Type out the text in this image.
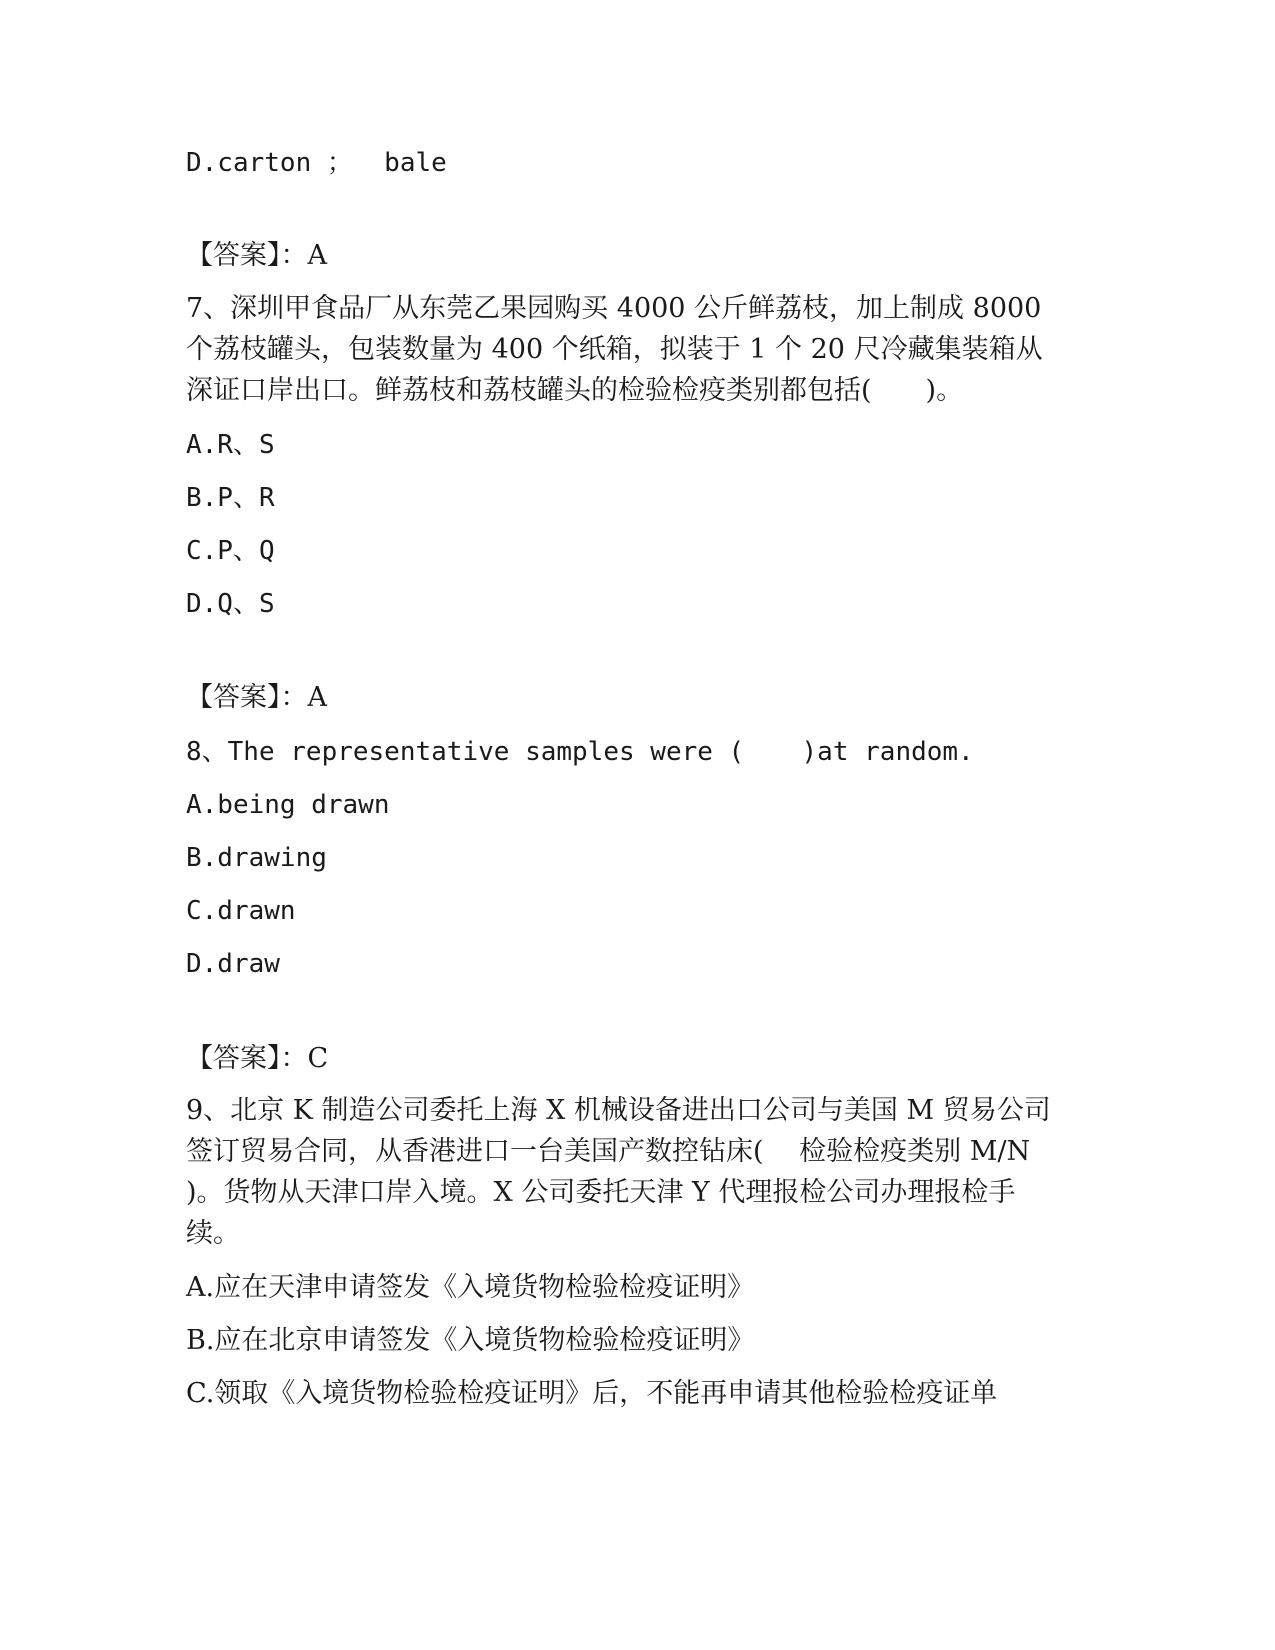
D.carton ；  bale
【答案】：A
7、深圳甲食品厂从东莞乙果园购买 4000 公斤鲜荔枝，加上制成 8000
个荔枝罐头，包装数量为 400 个纸箱，拟装于 1 个 20 尺冷藏集装箱从
深证口岸出口。鲜荔枝和荔枝罐头的检验检疫类别都包括(　　)。
A.R、S
B.P、R
C.P、Q
D.Q、S
【答案】：A
8、The representative samples were (　  )at random.
A.being drawn
B.drawing
C.drawn
D.draw
【答案】：C
9、北京 K 制造公司委托上海 X 机械设备进出口公司与美国 M 贸易公司
签订贸易合同，从香港进口一台美国产数控钻床(　 检验检疫类别 M/N
)。货物从天津口岸入境。X 公司委托天津 Y 代理报检公司办理报检手
续。
A.应在天津申请签发《入境货物检验检疫证明》
B.应在北京申请签发《入境货物检验检疫证明》
C.领取《入境货物检验检疫证明》后，不能再申请其他检验检疫证单
